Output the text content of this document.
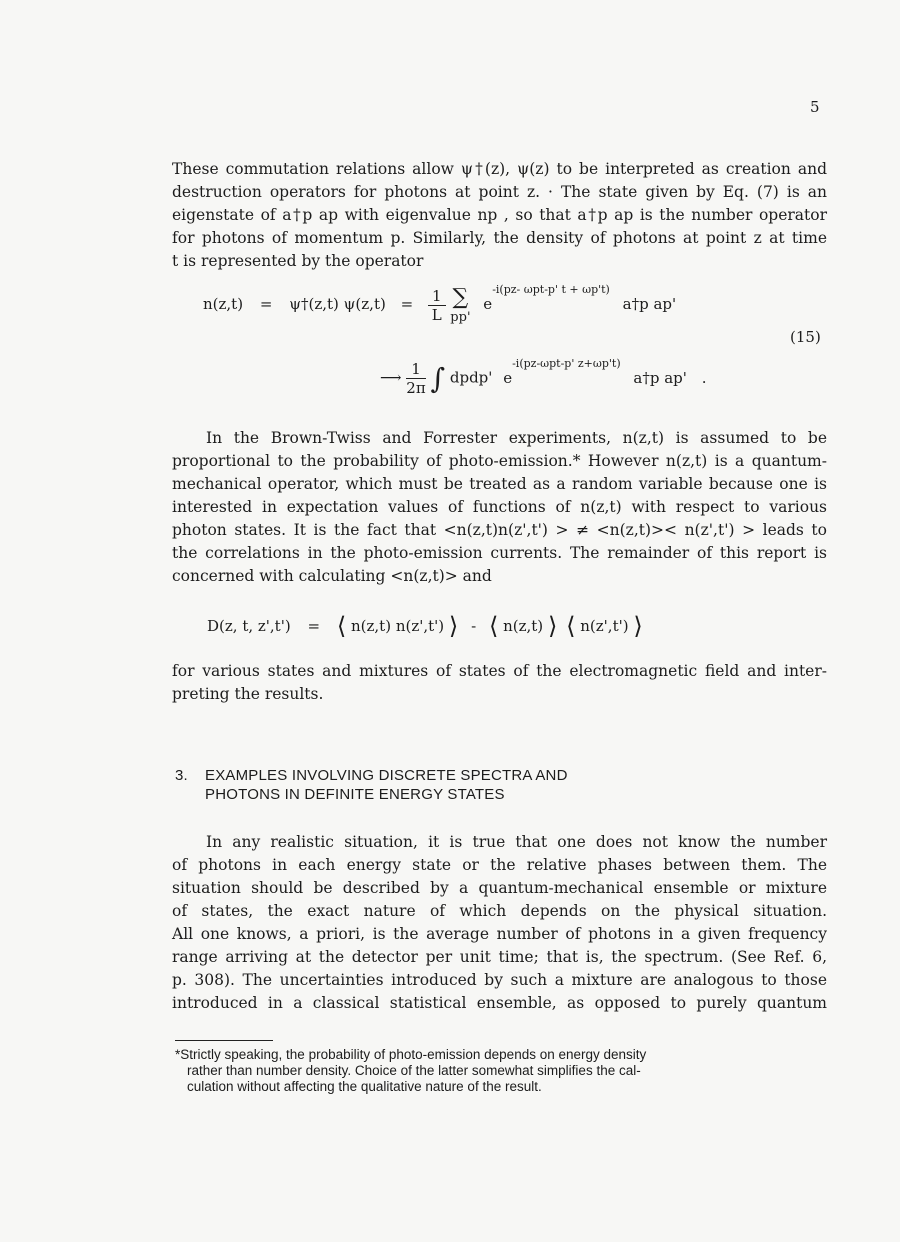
5
These commutation relations allow ψ†(z), ψ(z) to be interpreted as creation and
destruction operators for photons at point z. · The state given by Eq. (7) is an
eigenstate of a†p ap with eigenvalue np , so that a†p ap is the number operator
for photons of momentum p. Similarly, the density of photons at point z at time
t is represented by the operator
n(z,t) = ψ†(z,t) $\psi(z,t) = \frac{1}{L}$
∑
pp'
$e^{-i(pz- \omega pt-p' t + \omega p't)}$ a†p ap'
(15)
⟶ $\frac{1}{2\pi}$ ∫ dpdp' $e^{-i(pz-\omega pt-p' z+\omega p't)}$ a†p ap' .
In the Brown-Twiss and Forrester experiments, n(z,t) is assumed to be
proportional to the probability of photo-emission.* However n(z,t) is a quantum-
mechanical operator, which must be treated as a random variable because one is
interested in expectation values of functions of n(z,t) with respect to various
photon states. It is the fact that <n(z,t)n(z',t') > ≠ <n(z,t)>< n(z',t') > leads to
the correlations in the photo-emission currents. The remainder of this report is
concerned with calculating <n(z,t)> and
D(z, t, z',t') = ⟨ n(z,t) n(z',t') ⟩ - ⟨ n(z,t) ⟩ ⟨ n(z',t') ⟩
for various states and mixtures of states of the electromagnetic field and inter-
preting the results.
3. EXAMPLES INVOLVING DISCRETE SPECTRA AND
PHOTONS IN DEFINITE ENERGY STATES
In any realistic situation, it is true that one does not know the number
of photons in each energy state or the relative phases between them. The
situation should be described by a quantum-mechanical ensemble or mixture
of states, the exact nature of which depends on the physical situation.
All one knows, a priori, is the average number of photons in a given frequency
range arriving at the detector per unit time; that is, the spectrum. (See Ref. 6,
p. 308). The uncertainties introduced by such a mixture are analogous to those
introduced in a classical statistical ensemble, as opposed to purely quantum
*Strictly speaking, the probability of photo-emission depends on energy density
rather than number density. Choice of the latter somewhat simplifies the cal-
culation without affecting the qualitative nature of the result.
